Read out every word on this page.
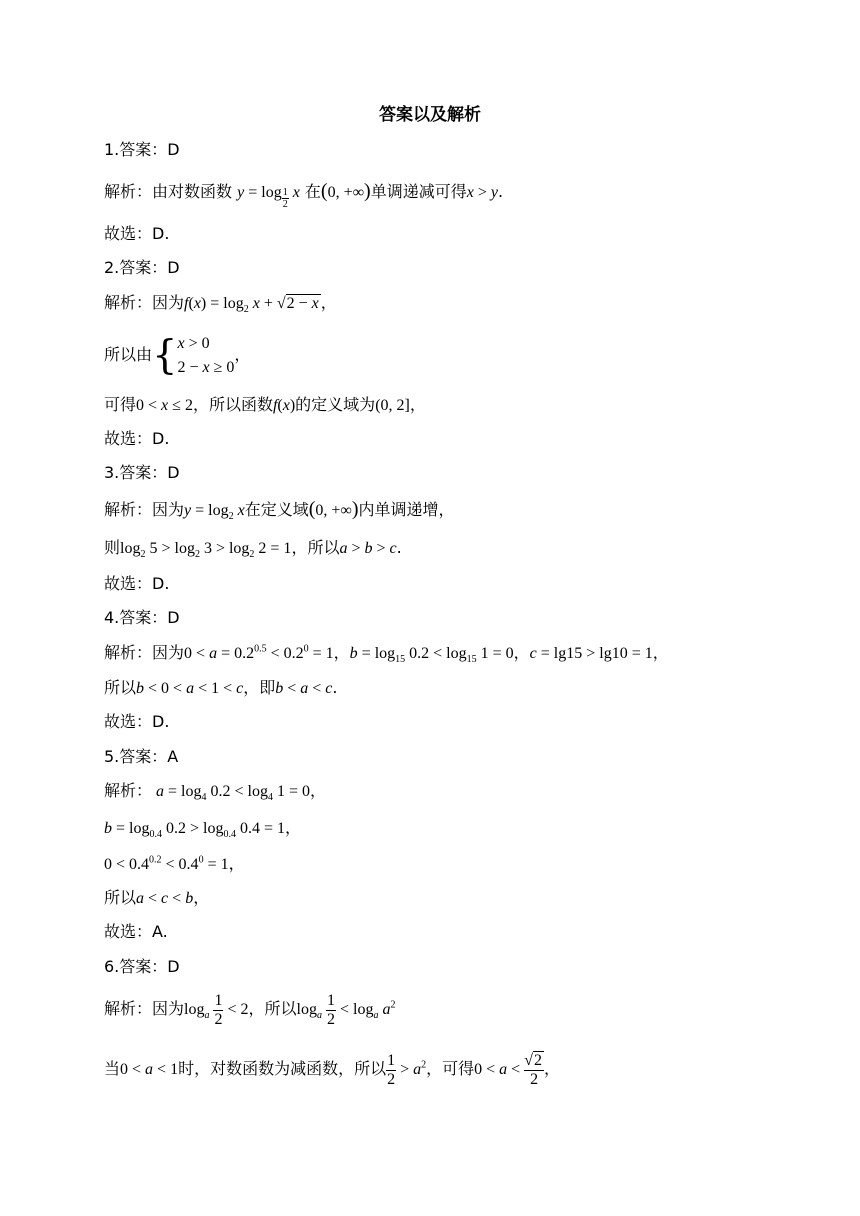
答案以及解析
1.答案：D
解析：由对数函数 y = log $_{\frac{1}{2}}$ x 在(0, +∞)单调递减可得x > y.
故选：D.
2.答案：D
解析：因为$f(x) = \log_2 x + √2 - x$ ，
所以由{ x > 0
2 − x ≥ 0
，
可得0 < x ≤ 2，所以函数f(x)的定义域为(0, 2]，
故选：D.
3.答案：D
解析：因为$y = \log_2 x$在定义域(0, +∞)内单调递增，
则$\log_2 5 > \log_2 3 > \log_2 2 = 1$，所以a > b > c.
故选：D.
4.答案：D
解析：因为$0 < a = 0.2^{0.5} < 0.2^0 = 1$，$b = \log_{15} 0.2 < \log_{15} 1 = 0$，c = lg15 > lg10 = 1，
所以b < 0 < a < 1 < c，即b < a < c.
故选：D.
5.答案：A
解析： $a = \log_4 0.2 < \log_4 1 = 0$，
$b = \log_{0.4} 0.2 > \log_{0.4} 0.4 = 1$，
$0 < 0.4^{0.2} < 0.4^0 = 1$，
所以a < c < b，
故选：A.
6.答案：D
解析：因为$\log_a \frac{1}{2} < 2$，所以$\log_a \frac{1}{2} < \log_a a^2$
当0 < a < 1时，对数函数为减函数，所以 $\frac{1}{2} > a^2$，可得$0 < a < \frac{√2}{2}$ ，
